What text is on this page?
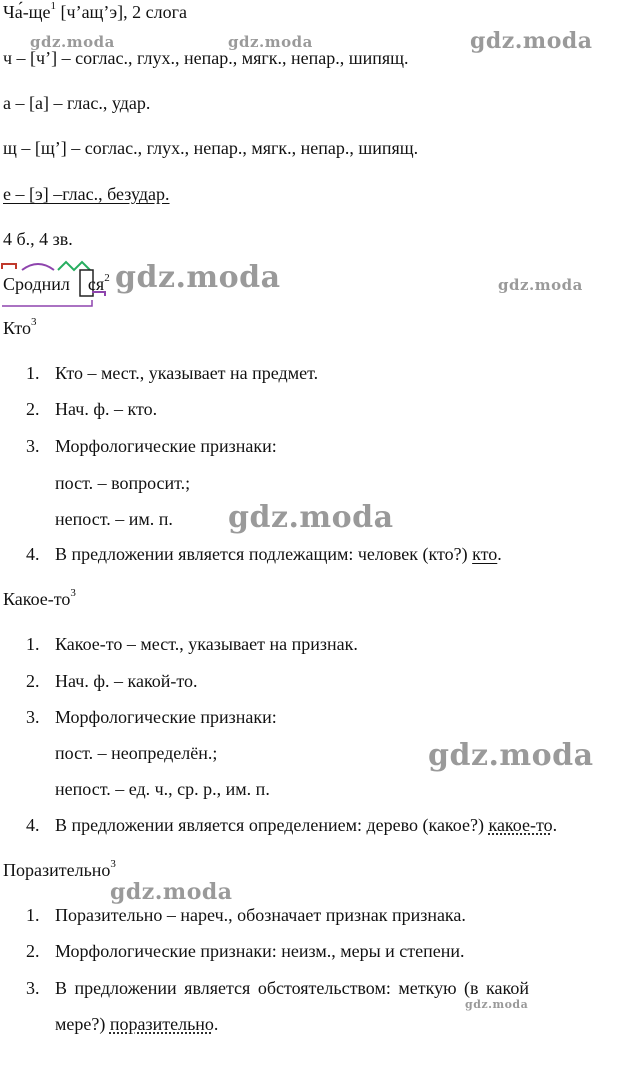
$Ча́-ще^1$ [ч’ащ’э], 2 слога
ч – [ч’] – соглас., глух., непар., мягк., непар., шипящ.
а – [а] – глас., удар.
щ – [щ’] – соглас., глух., непар., мягк., непар., шипящ.
е – [э] –глас., безудар.
4 б., 4 зв.
Сроднил $ся^2$
Кто$^3$
1. Кто – мест., указывает на предмет.
2. Нач. ф. – кто.
3. Морфологические признаки:
пост. – вопросит.;
непост. – им. п.
4. В предложении является подлежащим: человек (кто?) кто.
Какое-$то^3$
1. Какое-то – мест., указывает на признак.
2. Нач. ф. – какой-то.
3. Морфологические признаки:
пост. – неопределён.;
непост. – ед. ч., ср. р., им. п.
4. В предложении является определением: дерево (какое?) какое-то.
Поразительно$^3$
1. Поразительно – нареч., обозначает признак признака.
2. Морфологические признаки: неизм., меры и степени.
3. В предложении является обстоятельством: меткую (в какой
мере?) поразительно.
gdz.moda	gdz.moda	gdz.moda
gdz.moda	gdz.moda
gdz.moda
gdz.moda
gdz.moda
gdz.moda
